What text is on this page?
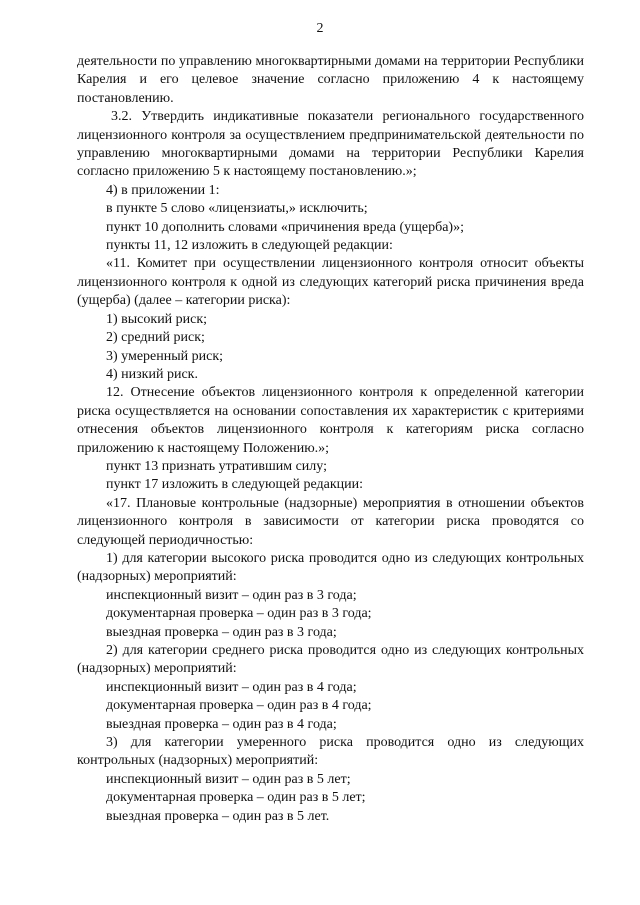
2

деятельности по управлению многоквартирными домами на территории Республики Карелия и его целевое значение согласно приложению 4 к настоящему постановлению.

3.2. Утвердить индикативные показатели регионального государственного лицензионного контроля за осуществлением предпринимательской деятельности по управлению многоквартирными домами на территории Республики Карелия согласно приложению 5 к настоящему постановлению.»;

4) в приложении 1:

в пункте 5 слово «лицензиаты,» исключить;

пункт 10 дополнить словами «причинения вреда (ущерба)»;

пункты 11, 12 изложить в следующей редакции:

«11. Комитет при осуществлении лицензионного контроля относит объекты лицензионного контроля к одной из следующих категорий риска причинения вреда (ущерба) (далее – категории риска):

1) высокий риск;

2) средний риск;

3) умеренный риск;

4) низкий риск.

12. Отнесение объектов лицензионного контроля к определенной категории риска осуществляется на основании сопоставления их характеристик с критериями отнесения объектов лицензионного контроля к категориям риска согласно приложению к настоящему Положению.»;

пункт 13 признать утратившим силу;

пункт 17 изложить в следующей редакции:

«17. Плановые контрольные (надзорные) мероприятия в отношении объектов лицензионного контроля в зависимости от категории риска проводятся со следующей периодичностью:

1) для категории высокого риска проводится одно из следующих контрольных (надзорных) мероприятий:

инспекционный визит – один раз в 3 года;

документарная проверка – один раз в 3 года;

выездная проверка – один раз в 3 года;

2) для категории среднего риска проводится одно из следующих контрольных (надзорных) мероприятий:

инспекционный визит – один раз в 4 года;

документарная проверка – один раз в 4 года;

выездная проверка – один раз в 4 года;

3) для категории умеренного риска проводится одно из следующих контрольных (надзорных) мероприятий:

инспекционный визит – один раз в 5 лет;

документарная проверка – один раз в 5 лет;

выездная проверка – один раз в 5 лет.
